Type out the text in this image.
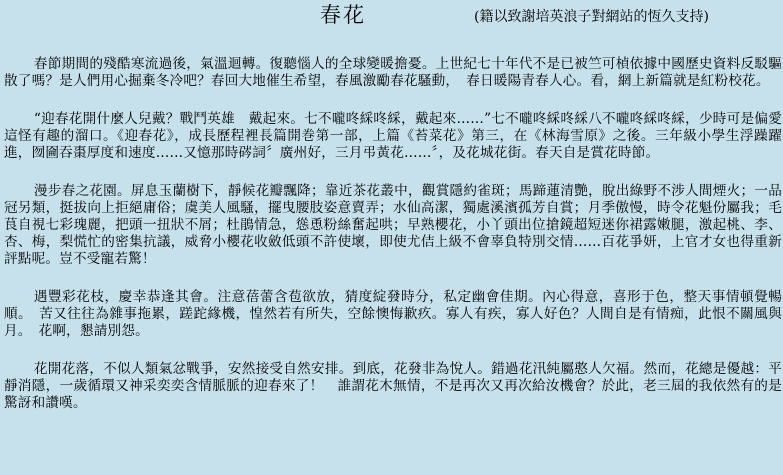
春花	(籍以致謝培英浪子對網站的恆久支持)

春節期間的殘酷寒流過後，氣溫迴轉。復聽惱人的全球變暖擔憂。上世紀七十年代不是已被竺可楨依據中國歷史資料反駁驅散了嗎？是人們用心掘棄冬冷吧？春回大地催生希望，春風激勵春花騷動，　春日暖陽青春人心。看，網上新篇就是紅粉校花。

“迎春花開什麼人兒戴？戰鬥英雄　戴起來。七不嚨咚綵咚綵，戴起來……”七不嚨咚綵咚綵八不嚨咚綵咚綵，少時可是偏愛這怪有趣的溜口。《迎春花》，成長歷程裡長篇開巻第一部，上篇《苔菜花》第三，在《林海雪原》之後。三年級小學生浮躁躍進，囫圇吞棗厚度和速度……又憶那時硶詞〞廣州好，三月弔黃花……〞，及花城花街。春天自是賞花時節。

漫步春之花園。屏息玉蘭樹下，靜候花瓣飄降；靠近茶花叢中，觀賞隱約雀斑；馬蹄蓮清艷，脫出綠野不涉人間煙火；一品冠另類，挺拔向上拒絕庸俗；虞美人風騷，擺曳腰肢姿意賣弄；水仙高潔，獨處溪濱孤芳自賞；月季傲慢，時令花魁份屬我；毛茛自視七彩瑰麗，把頭一扭狀不屑；杜鵑情急，慫恿粉絲奮起哄；早熟櫻花，小丫頭出位搶鏡超短迷你裙露嫩腿，激起桃、李、杏、梅，梨慌忙的密集抗議，威脅小櫻花收斂低頭不許使壞，即使尤佶上級不會辜負特別交情……百花爭妍，上官才女也得重新評點呢。豈不受寵若驚！

遇豐彩花枝，慶幸恭逢其會。注意蓓蕾含苞欲放，猜度綻發時分，私定幽會佳期。內心得意，喜形于色，整天事情頓覺暢順。　苦又往往為雜事拖累，蹉跎緣機，惶然若有所失，空餘懊悔歉疚。寡人有疾，寡人好色？人間自是有情痴，此恨不關風與月。　花啊，懇請別怨。

花開花落，不似人類氣忿戰爭，安然接受自然安排。到底，花發非為悅人。錯過花汛純屬憨人欠福。然而，花總是優越：平靜消隱，一歲循環又神采奕奕含情脈脈的迎春來了！　誰謂花木無情，不是再次又再次給汝機會？於此，老三屆的我依然有的是驚訝和讚嘆。
